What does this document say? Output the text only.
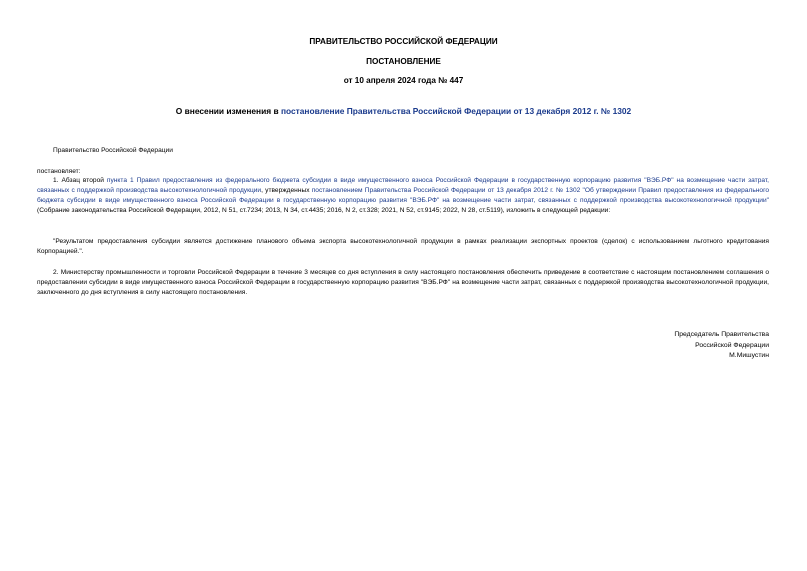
ПРАВИТЕЛЬСТВО РОССИЙСКОЙ ФЕДЕРАЦИИ
ПОСТАНОВЛЕНИЕ
от 10 апреля 2024 года № 447
О внесении изменения в постановление Правительства Российской Федерации от 13 декабря 2012 г. № 1302
Правительство Российской Федерации
постановляет:
1. Абзац второй пункта 1 Правил предоставления из федерального бюджета субсидии в виде имущественного взноса Российской Федерации в государственную корпорацию развития "ВЭБ.РФ" на возмещение части затрат, связанных с поддержкой производства высокотехнологичной продукции, утвержденных постановлением Правительства Российской Федерации от 13 декабря 2012 г. № 1302 "Об утверждении Правил предоставления из федерального бюджета субсидии в виде имущественного взноса Российской Федерации в государственную корпорацию развития "ВЭБ.РФ" на возмещение части затрат, связанных с поддержкой производства высокотехнологичной продукции" (Собрание законодательства Российской Федерации, 2012, N 51, ст.7234; 2013, N 34, ст.4435; 2016, N 2, ст.328; 2021, N 52, ст.9145; 2022, N 28, ст.5119), изложить в следующей редакции:
"Результатом предоставления субсидии является достижение планового объема экспорта высокотехнологичной продукции в рамках реализации экспортных проектов (сделок) с использованием льготного кредитования Корпорацией.".
2. Министерству промышленности и торговли Российской Федерации в течение 3 месяцев со дня вступления в силу настоящего постановления обеспечить приведение в соответствие с настоящим постановлением соглашения о предоставлении субсидии в виде имущественного взноса Российской Федерации в государственную корпорацию развития "ВЭБ.РФ" на возмещение части затрат, связанных с поддержкой производства высокотехнологичной продукции, заключенного до дня вступления в силу настоящего постановления.
Председатель Правительства
Российской Федерации
М.Мишустин
